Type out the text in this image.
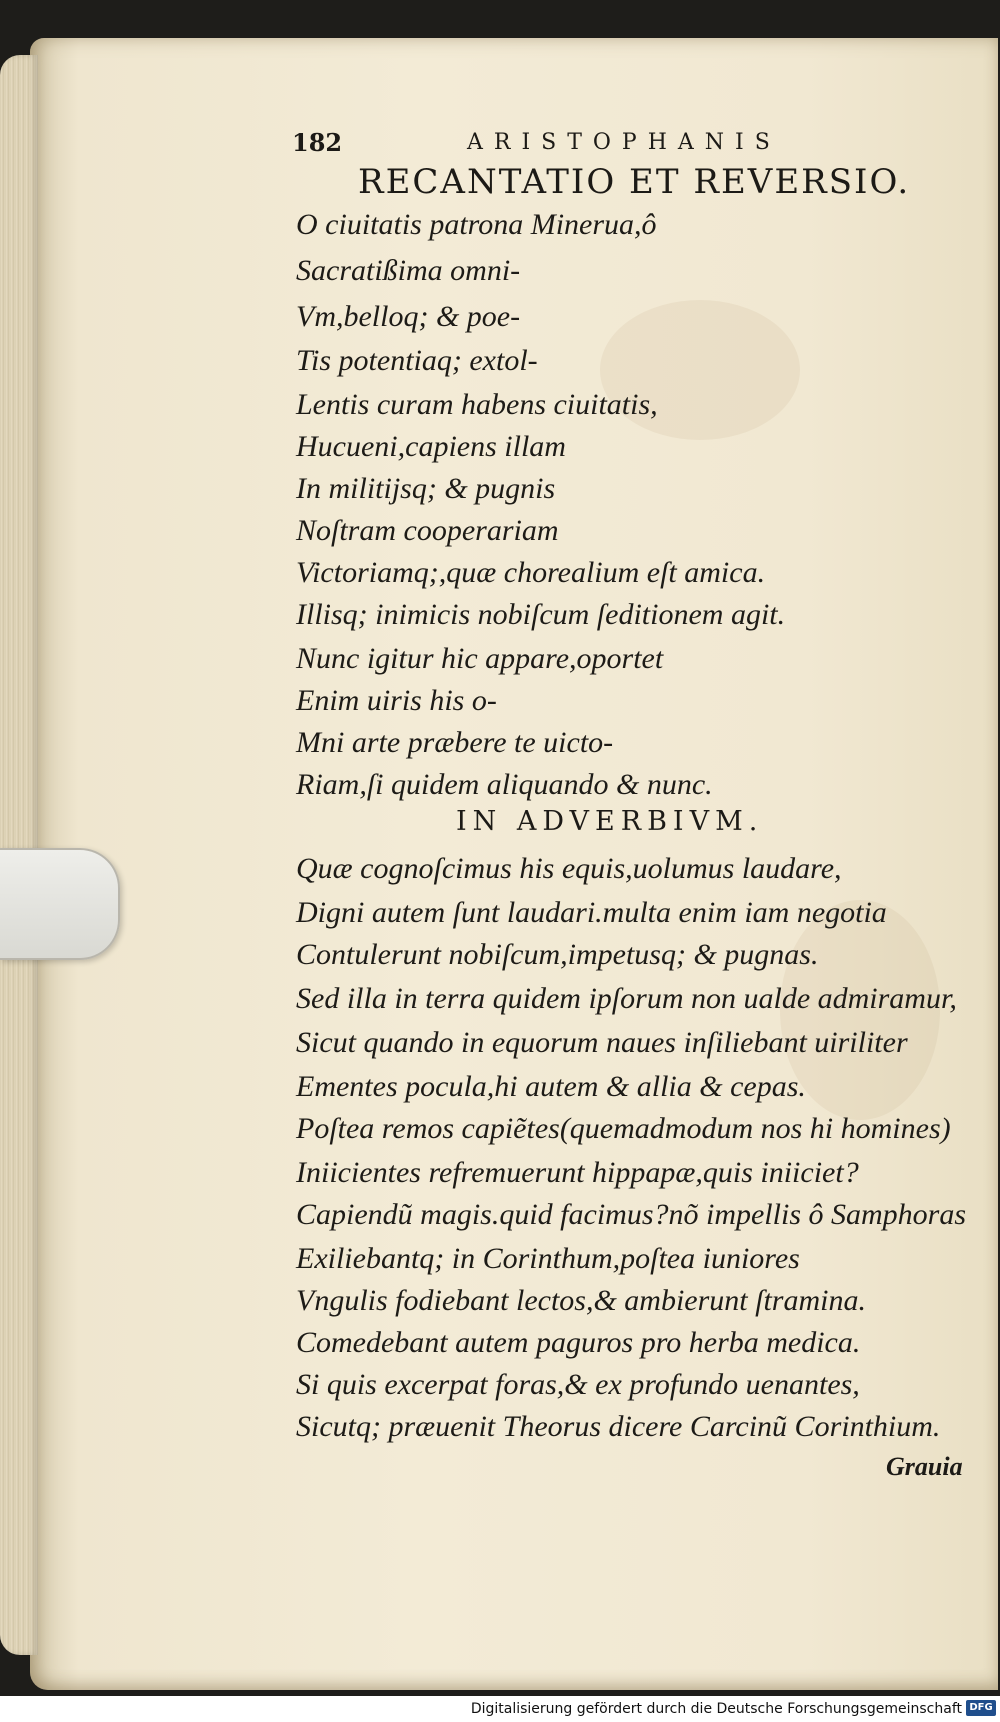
182	ARISTOPHANIS
RECANTATIO ET REVERSIO.
O ciuitatis patrona Minerua,ô
Sacratißima omni-
Vm,belloq; & poe-
Tis potentiaq; extol-
Lentis curam habens ciuitatis,
Hucueni,capiens illam
In militijsq; & pugnis
Noſtram cooperariam
Victoriamq;,quæ chorealium eſt amica.
Illisq; inimicis nobiſcum ſeditionem agit.
Nunc igitur hic appare,oportet
Enim uiris his o-
Mni arte præbere te uicto-
Riam,ſi quidem aliquando & nunc.
IN ADVERBIVM.
Quæ cognoſcimus his equis,uolumus laudare,
Digni autem ſunt laudari.multa enim iam negotia
Contulerunt nobiſcum,impetusq; & pugnas.
Sed illa in terra quidem ipſorum non ualde admiramur,
Sicut quando in equorum naues inſiliebant uiriliter
Ementes pocula,hi autem & allia & cepas.
Poſtea remos capiẽtes(quemadmodum nos hi homines)
Iniicientes refremuerunt hippapæ,quis iniiciet?
Capiendũ magis.quid facimus?nõ impellis ô Samphoras
Exiliebantq; in Corinthum,poſtea iuniores
Vngulis fodiebant lectos,& ambierunt ſtramina.
Comedebant autem paguros pro herba medica.
Si quis excerpat foras,& ex profundo uenantes,
Sicutq; præuenit Theorus dicere Carcinũ Corinthium.
Grauia
Digitalisierung gefördert durch die Deutsche Forschungsgemeinschaft DFG
